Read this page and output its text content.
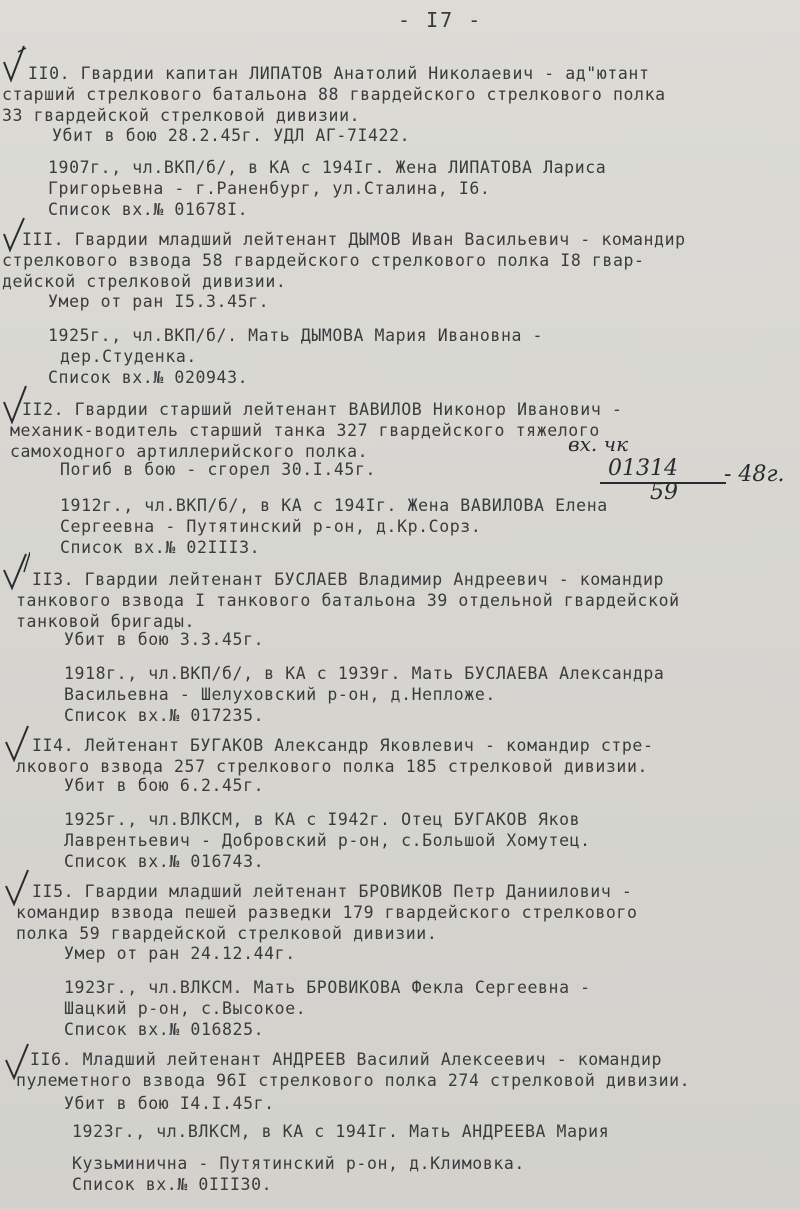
- I7 -
II0. Гвардии капитан ЛИПАТОВ Анатолий Николаевич - ад"ютант
старший стрелкового батальона 88 гвардейского стрелкового полка
33 гвардейской стрелковой дивизии.
Убит в бою 28.2.45г. УДЛ АГ-7I422.
1907г., чл.ВКП/б/, в КА с 194Iг. Жена ЛИПАТОВА Лариса
Григорьевна - г.Раненбург, ул.Сталина, I6.
Список вх.№ 01678I.
III. Гвардии младший лейтенант ДЫМОВ Иван Васильевич - командир
стрелкового взвода 58 гвардейского стрелкового полка I8 гвар-
дейской стрелковой дивизии.
Умер от ран I5.3.45г.
1925г., чл.ВКП/б/. Мать ДЫМОВА Мария Ивановна -
дер.Студенка.
Список вх.№ 020943.
II2. Гвардии старший лейтенант ВАВИЛОВ Никонор Иванович -
механик-водитель старший танка 327 гвардейского тяжелого
самоходного артиллерийского полка.
Погиб в бою - сгорел 30.I.45г.
1912г., чл.ВКП/б/, в КА с 194Iг. Жена ВАВИЛОВА Елена
Сергеевна - Путятинский р-он, д.Кр.Сорз.
Список вх.№ 02III3.
вх. чк
01314
59
- 48г.
II3. Гвардии лейтенант БУСЛАЕВ Владимир Андреевич - командир
танкового взвода I танкового батальона 39 отдельной гвардейской
танковой бригады.
Убит в бою 3.3.45г.
1918г., чл.ВКП/б/, в КА с 1939г. Мать БУСЛАЕВА Александра
Васильевна - Шелуховский р-он, д.Непложе.
Список вх.№ 017235.
II4. Лейтенант БУГАКОВ Александр Яковлевич - командир стре-
лкового взвода 257 стрелкового полка 185 стрелковой дивизии.
Убит в бою 6.2.45г.
1925г., чл.ВЛКСМ, в КА с I942г. Отец БУГАКОВ Яков
Лаврентьевич - Добровский р-он, с.Большой Хомутец.
Список вх.№ 016743.
II5. Гвардии младший лейтенант БРОВИКОВ Петр Даниилович -
командир взвода пешей разведки 179 гвардейского стрелкового
полка 59 гвардейской стрелковой дивизии.
Умер от ран 24.12.44г.
1923г., чл.ВЛКСМ. Мать БРОВИКОВА Фекла Сергеевна -
Шацкий р-он, с.Высокое.
Список вх.№ 016825.
II6. Младший лейтенант АНДРЕЕВ Василий Алексеевич - командир
пулеметного взвода 96I стрелкового полка 274 стрелковой дивизии.
Убит в бою I4.I.45г.
1923г., чл.ВЛКСМ, в КА с 194Iг. Мать АНДРЕЕВА Мария
Кузьминична - Путятинский р-он, д.Климовка.
Список вх.№ 0III30.
